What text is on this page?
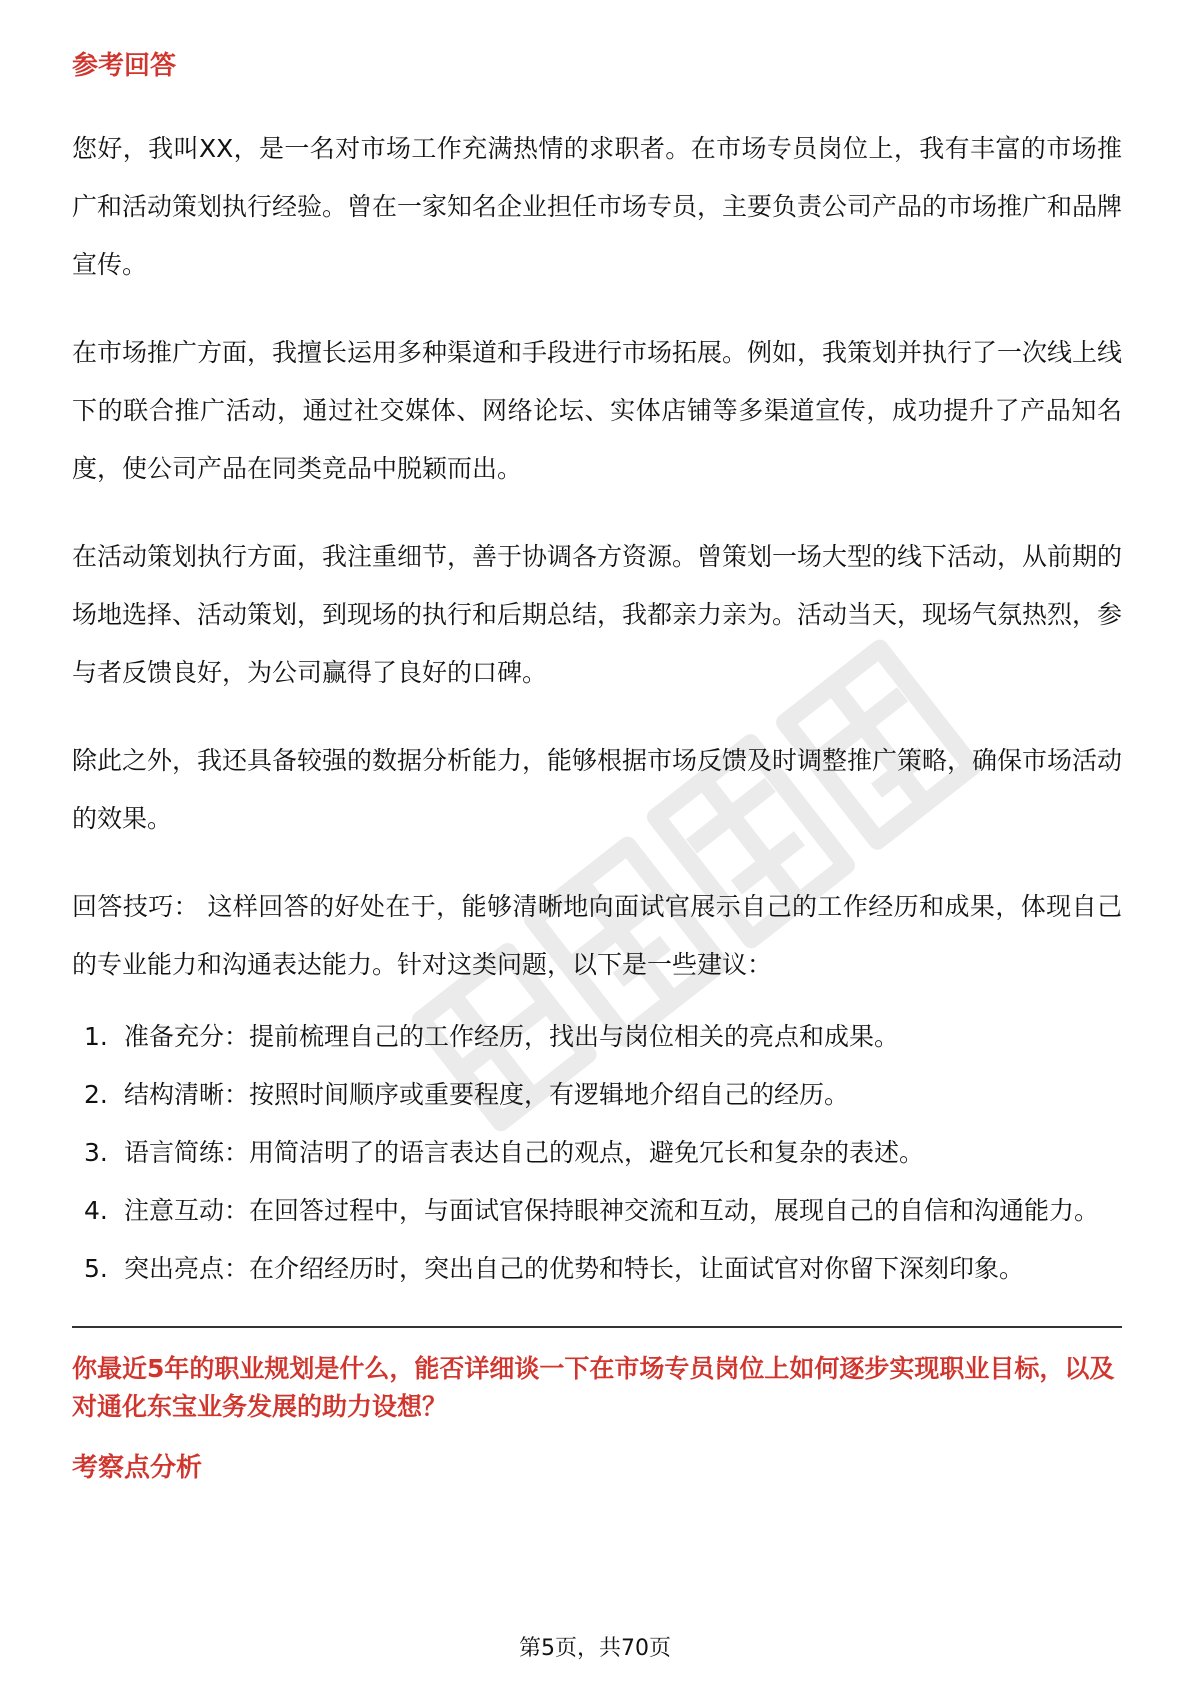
参考回答

您好，我叫XX，是一名对市场工作充满热情的求职者。在市场专员岗位上，我有丰富的市场推广和活动策划执行经验。曾在一家知名企业担任市场专员，主要负责公司产品的市场推广和品牌宣传。

在市场推广方面，我擅长运用多种渠道和手段进行市场拓展。例如，我策划并执行了一次线上线下的联合推广活动，通过社交媒体、网络论坛、实体店铺等多渠道宣传，成功提升了产品知名度，使公司产品在同类竞品中脱颖而出。

在活动策划执行方面，我注重细节，善于协调各方资源。曾策划一场大型的线下活动，从前期的场地选择、活动策划，到现场的执行和后期总结，我都亲力亲为。活动当天，现场气氛热烈，参与者反馈良好，为公司赢得了良好的口碑。

除此之外，我还具备较强的数据分析能力，能够根据市场反馈及时调整推广策略，确保市场活动的效果。

回答技巧： 这样回答的好处在于，能够清晰地向面试官展示自己的工作经历和成果，体现自己的专业能力和沟通表达能力。针对这类问题，以下是一些建议：

1. 准备充分：提前梳理自己的工作经历，找出与岗位相关的亮点和成果。
2. 结构清晰：按照时间顺序或重要程度，有逻辑地介绍自己的经历。
3. 语言简练：用简洁明了的语言表达自己的观点，避免冗长和复杂的表述。
4. 注意互动：在回答过程中，与面试官保持眼神交流和互动，展现自己的自信和沟通能力。
5. 突出亮点：在介绍经历时，突出自己的优势和特长，让面试官对你留下深刻印象。
你最近5年的职业规划是什么，能否详细谈一下在市场专员岗位上如何逐步实现职业目标，以及对通化东宝业务发展的助力设想？
考察点分析
第5页，共70页
